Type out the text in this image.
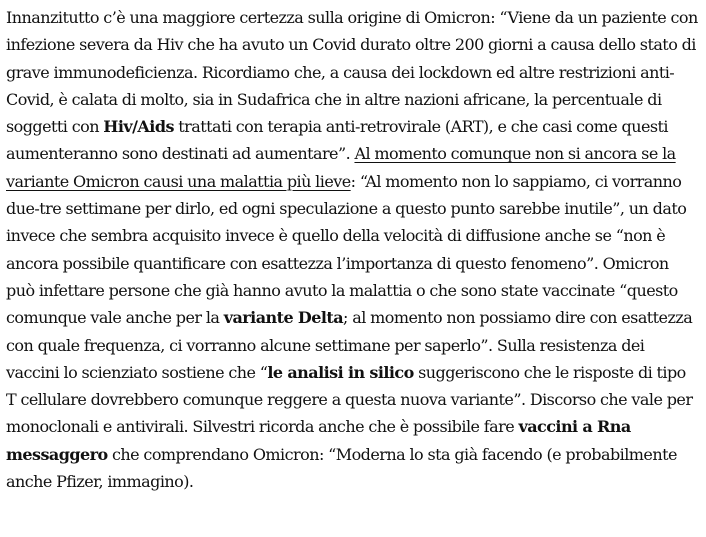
Innanzitutto c’è una maggiore certezza sulla origine di Omicron: “Viene da un paziente con infezione severa da Hiv che ha avuto un Covid durato oltre 200 giorni a causa dello stato di grave immunodeficienza. Ricordiamo che, a causa dei lockdown ed altre restrizioni anti-Covid, è calata di molto, sia in Sudafrica che in altre nazioni africane, la percentuale di soggetti con Hiv/Aids trattati con terapia anti-retrovirale (ART), e che casi come questi aumenteranno sono destinati ad aumentare”. Al momento comunque non si ancora se la variante Omicron causi una malattia più lieve: “Al momento non lo sappiamo, ci vorranno due-tre settimane per dirlo, ed ogni speculazione a questo punto sarebbe inutile”, un dato invece che sembra acquisito invece è quello della velocità di diffusione anche se “non è ancora possibile quantificare con esattezza l’importanza di questo fenomeno”. Omicron può infettare persone che già hanno avuto la malattia o che sono state vaccinate “questo comunque vale anche per la variante Delta; al momento non possiamo dire con esattezza con quale frequenza, ci vorranno alcune settimane per saperlo”. Sulla resistenza dei vaccini lo scienziato sostiene che “le analisi in silico suggeriscono che le risposte di tipo T cellulare dovrebbero comunque reggere a questa nuova variante”. Discorso che vale per monoclonali e antivirali. Silvestri ricorda anche che è possibile fare vaccini a Rna messaggero che comprendano Omicron: “Moderna lo sta già facendo (e probabilmente anche Pfizer, immagino).
